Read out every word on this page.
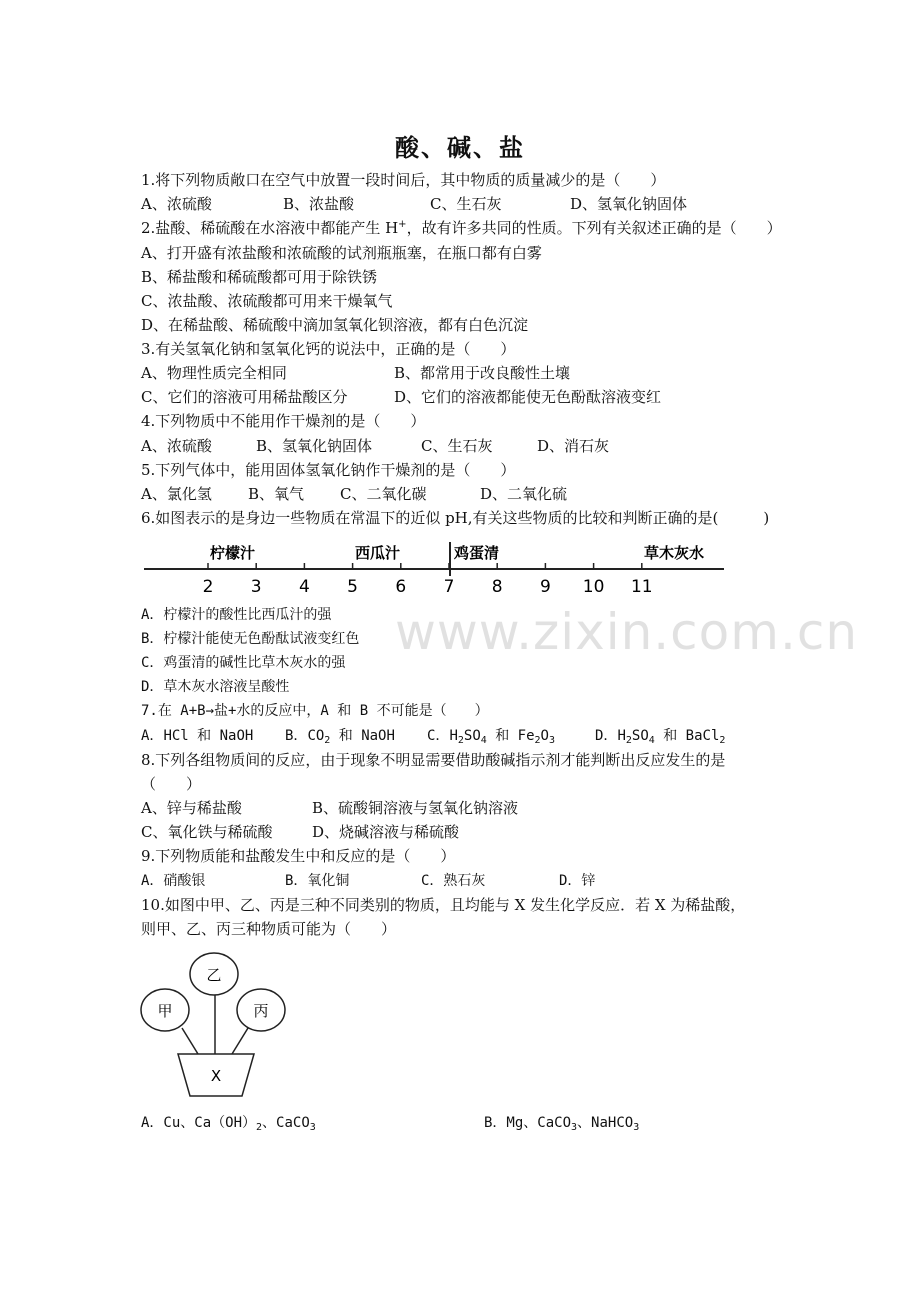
酸、碱、盐
1.将下列物质敞口在空气中放置一段时间后，其中物质的质量减少的是（　　）
A、浓硫酸	B、浓盐酸	C、生石灰	D、氢氧化钠固体
2.盐酸、稀硫酸在水溶液中都能产生 H+，故有许多共同的性质。下列有关叙述正确的是（　　）
A、打开盛有浓盐酸和浓硫酸的试剂瓶瓶塞，在瓶口都有白雾
B、稀盐酸和稀硫酸都可用于除铁锈
C、浓盐酸、浓硫酸都可用来干燥氧气
D、在稀盐酸、稀硫酸中滴加氢氧化钡溶液，都有白色沉淀
3.有关氢氧化钠和氢氧化钙的说法中，正确的是（　　）
A、物理性质完全相同	B、都常用于改良酸性土壤
C、它们的溶液可用稀盐酸区分	D、它们的溶液都能使无色酚酞溶液变红
4.下列物质中不能用作干燥剂的是（　　）
A、浓硫酸	B、氢氧化钠固体	C、生石灰	D、消石灰
5.下列气体中，能用固体氢氧化钠作干燥剂的是（　　）
A、氯化氢 B、氧气 C、二氧化碳	D、二氧化硫
6.如图表示的是身边一些物质在常温下的近似 pH,有关这些物质的比较和判断正确的是(　　　)
2 3 4 5 6 7 8 9 10 11
柠檬汁	西瓜汁	鸡蛋清	草木灰水
A．柠檬汁的酸性比西瓜汁的强
B．柠檬汁能使无色酚酞试液变红色
C．鸡蛋清的碱性比草木灰水的强
D．草木灰水溶液呈酸性
7.在 A+B→盐+水的反应中，A 和 B 不可能是（　　）
A．HCl 和 NaOH B．$CO_2$ 和 NaOH C．$H_2SO_4$ 和 $Fe_2O_3$	D．$H_2SO_4$ 和 BaCl$_2$
8.下列各组物质间的反应，由于现象不明显需要借助酸碱指示剂才能判断出反应发生的是
（　　）
A、锌与稀盐酸	B、硫酸铜溶液与氢氧化钠溶液
C、氧化铁与稀硫酸	D、烧碱溶液与稀硫酸
9.下列物质能和盐酸发生中和反应的是（　　）
A．硝酸银	B．氧化铜	C．熟石灰	D．锌
10.如图中甲、乙、丙是三种不同类别的物质，且均能与 X 发生化学反应．若 X 为稀盐酸，
则甲、乙、丙三种物质可能为（　　）
甲
乙
丙
X
A．Cu、$Ca(OH)_2$、CaCO$_3$	B．Mg、CaCO$_3$、NaHCO$_3$
www.zixin.com.cn
